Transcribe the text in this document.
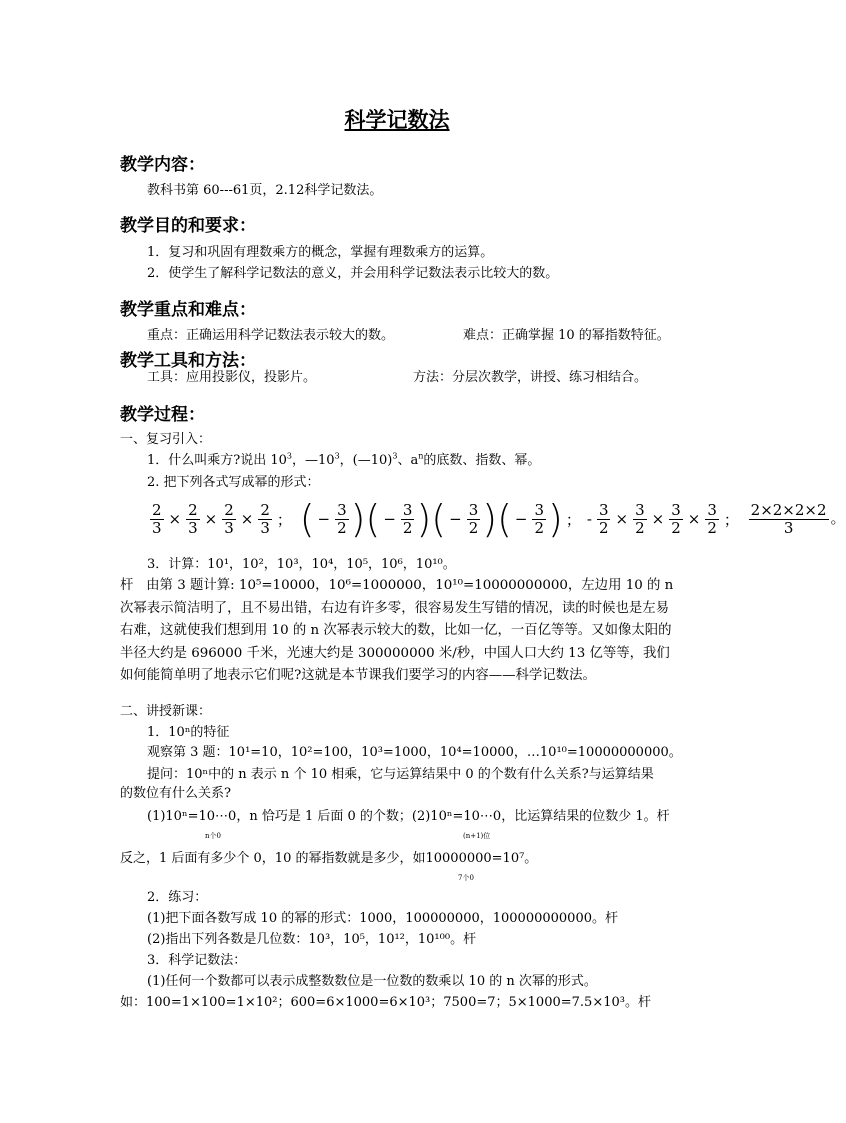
科学记数法
教学内容：
教科书第 60---61页，2.12科学记数法。
教学目的和要求：
1．复习和巩固有理数乘方的概念，掌握有理数乘方的运算。
2．使学生了解科学记数法的意义，并会用科学记数法表示比较大的数。
教学重点和难点：
重点：正确运用科学记数法表示较大的数。	难点：正确掌握 10 的幂指数特征。
教学工具和方法：
工具：应用投影仪，投影片。	方法：分层次教学，讲授、练习相结合。
教学过程：
一、复习引入：
1．什么叫乘方?说出 $10^3$，$—10^3$，(—10)$^3$、$a^n$的底数、指数、幂。
2. 把下列各式写成幂的形式：
$\frac{2}{3} \times \frac{2}{3} \times \frac{2}{3} \times \frac{2}{3}$ ； ( − $\frac{3}{2}$ )( − $\frac{3}{2}$ )( − $\frac{3}{2}$ )( − $\frac{3}{2}$ ) ； - $\frac{3}{2} \times \frac{3}{2} \times \frac{3}{2} \times \frac{3}{2}$ ； $\frac{2\times 2\times 2\times 2}{3}$ 。
3．计算：10¹，10²，10³，10⁴，10⁵，10⁶，10¹⁰。
杆 由第 3 题计算: 10⁵=10000，10⁶=1000000，10¹⁰=10000000000，左边用 10 的 n 次幂表示简洁明了，且不易出错，右边有许多零，很容易发生写错的情况，读的时候也是左易右难，这就使我们想到用 10 的 n 次幂表示较大的数，比如一亿，一百亿等等。又如像太阳的半径大约是 696000 千米，光速大约是 300000000 米/秒，中国人口大约 13 亿等等，我们如何能简单明了地表示它们呢?这就是本节课我们要学习的内容——科学记数法。
二、讲授新课：
1．10ⁿ的特征
观察第 3 题：10¹=10，10²=100，10³=1000，10⁴=10000，…10¹⁰=10000000000。
提问：10ⁿ中的 n 表示 n 个 10 相乘，它与运算结果中 0 的个数有什么关系?与运算结果
的数位有什么关系?
(1)10ⁿ=10⋯0，n 恰巧是 1 后面 0 的个数；(2)10ⁿ=10⋯0，比运算结果的位数少 1。杆
n个0	(n+1)位
反之，1 后面有多少个 0，10 的幂指数就是多少，如10000000=10⁷。
7个0
2．练习：
(1)把下面各数写成 10 的幂的形式：1000，100000000，100000000000。杆
(2)指出下列各数是几位数：10³，10⁵，10¹²，10¹⁰⁰。杆
3．科学记数法：
(1)任何一个数都可以表示成整数数位是一位数的数乘以 10 的 n 次幂的形式。
如：100=1×100=1×10²；600=6×1000=6×10³；7500=7；5×1000=7.5×10³。杆
